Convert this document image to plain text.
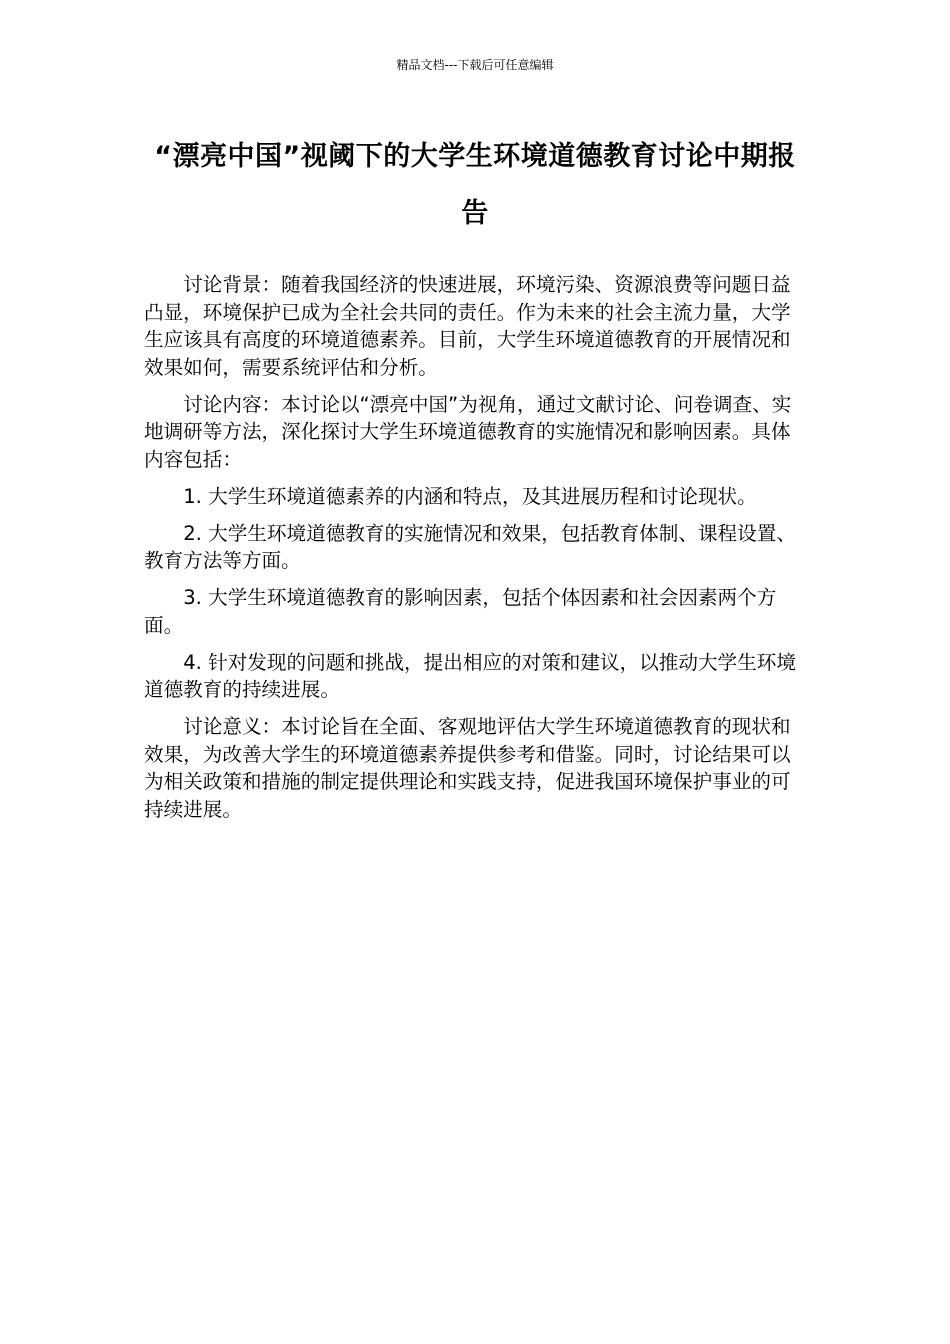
精品文档---下载后可任意编辑
“漂亮中国”视阈下的大学生环境道德教育讨论中期报告

讨论背景：随着我国经济的快速进展，环境污染、资源浪费等问题日益凸显，环境保护已成为全社会共同的责任。作为未来的社会主流力量，大学生应该具有高度的环境道德素养。目前，大学生环境道德教育的开展情况和效果如何，需要系统评估和分析。

讨论内容：本讨论以“漂亮中国”为视角，通过文献讨论、问卷调查、实地调研等方法，深化探讨大学生环境道德教育的实施情况和影响因素。具体内容包括：

1. 大学生环境道德素养的内涵和特点，及其进展历程和讨论现状。

2. 大学生环境道德教育的实施情况和效果，包括教育体制、课程设置、教育方法等方面。

3. 大学生环境道德教育的影响因素，包括个体因素和社会因素两个方面。

4. 针对发现的问题和挑战，提出相应的对策和建议，以推动大学生环境道德教育的持续进展。

讨论意义：本讨论旨在全面、客观地评估大学生环境道德教育的现状和效果，为改善大学生的环境道德素养提供参考和借鉴。同时，讨论结果可以为相关政策和措施的制定提供理论和实践支持，促进我国环境保护事业的可持续进展。
